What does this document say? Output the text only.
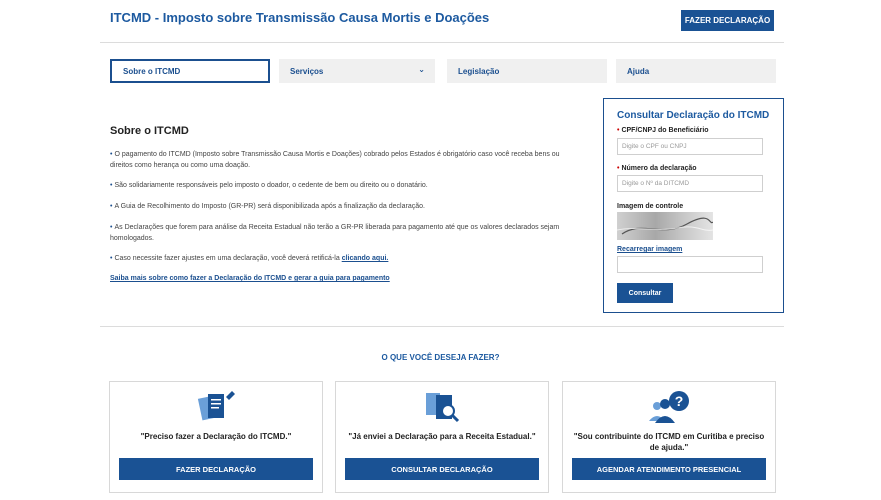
ITCMD - Imposto sobre Transmissão Causa Mortis e Doações	FAZER DECLARAÇÃO
Sobre o ITCMD	Serviços	⌄	Legislação	Ajuda
Sobre o ITCMD
• O pagamento do ITCMD (Imposto sobre Transmissão Causa Mortis e Doações) cobrado pelos Estados é obrigatório caso você receba bens ou direitos como herança ou como uma doação.
• São solidariamente responsáveis pelo imposto o doador, o cedente de bem ou direito ou o donatário.
• A Guia de Recolhimento do Imposto (GR-PR) será disponibilizada após a finalização da declaração.
• As Declarações que forem para análise da Receita Estadual não terão a GR-PR liberada para pagamento até que os valores declarados sejam homologados.
• Caso necessite fazer ajustes em uma declaração, você deverá retificá-la clicando aqui.
Saiba mais sobre como fazer a Declaração do ITCMD e gerar a guia para pagamento
Consultar Declaração do ITCMD
• CPF/CNPJ do Beneficiário
Digite o CPF ou CNPJ
• Número da declaração
Digite o Nº da DITCMD
Imagem de controle
Recarregar imagem
Consultar
O QUE VOCÊ DESEJA FAZER?
"Preciso fazer a Declaração do ITCMD."
FAZER DECLARAÇÃO
"Já enviei a Declaração para a Receita Estadual."
CONSULTAR DECLARAÇÃO
?
"Sou contribuinte do ITCMD em Curitiba e preciso de ajuda."
AGENDAR ATENDIMENTO PRESENCIAL
